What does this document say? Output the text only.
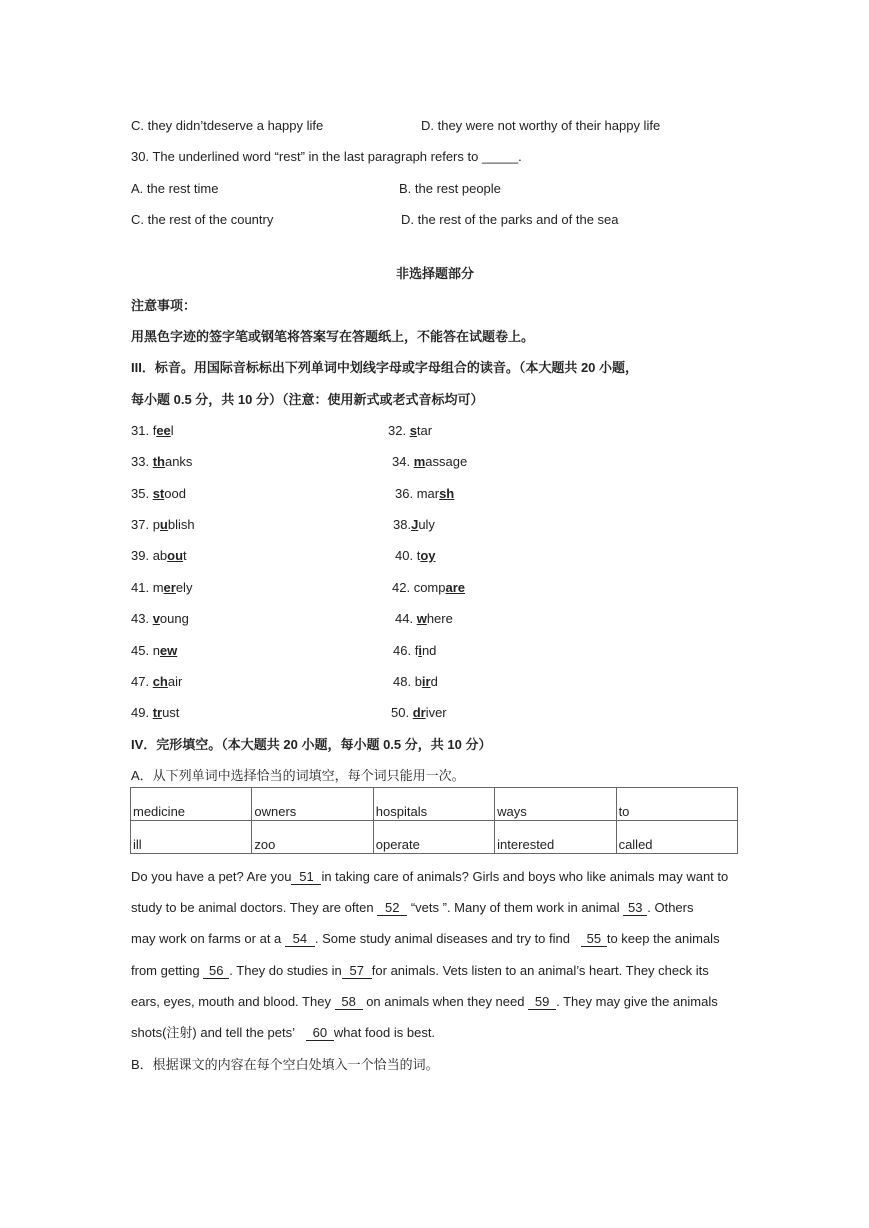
C. they didn’tdeserve a happy life	D. they were not worthy of their happy life
30. The underlined word “rest” in the last paragraph refers to _____.
A. the rest time	B. the rest people
C. the rest of the country	D. the rest of the parks and of the sea
非选择题部分
注意事项：
用黑色字迹的签字笔或钢笔将答案写在答题纸上，不能答在试题卷上。
III．标音。用国际音标标出下列单词中划线字母或字母组合的读音。（本大题共 20 小题，
每小题 0.5 分，共 10 分）（注意：使用新式或老式音标均可）
31. feel	32. star
33. thanks	34. massage
35. stood	36. marsh
37. publish	38.July
39. about	40. toy
41. merely	42. compare
43. voung	44. where
45. new	46. find
47. chair	48. bird
49. trust	50. driver
IV．完形填空。（本大题共 20 小题，每小题 0.5 分，共 10 分）
A．从下列单词中选择恰当的词填空，每个词只能用一次。
medicine	owners	hospitals	ways	to
ill	zoo	operate	interested	called
Do you have a pet? Are you 51 in taking care of animals? Girls and boys who like animals may want to
study to be animal doctors. They are often 52 “vets ”. Many of them work in animal 53 . Others
may work on farms or at a 54 . Some study animal diseases and try to find 55 to keep the animals
from getting 56 . They do studies in 57 for animals. Vets listen to an animal’s heart. They check its
ears, eyes, mouth and blood. They 58 on animals when they need 59 . They may give the animals
shots(注射) and tell the pets’ 60 what food is best.
B．根据课文的内容在每个空白处填入一个恰当的词。
